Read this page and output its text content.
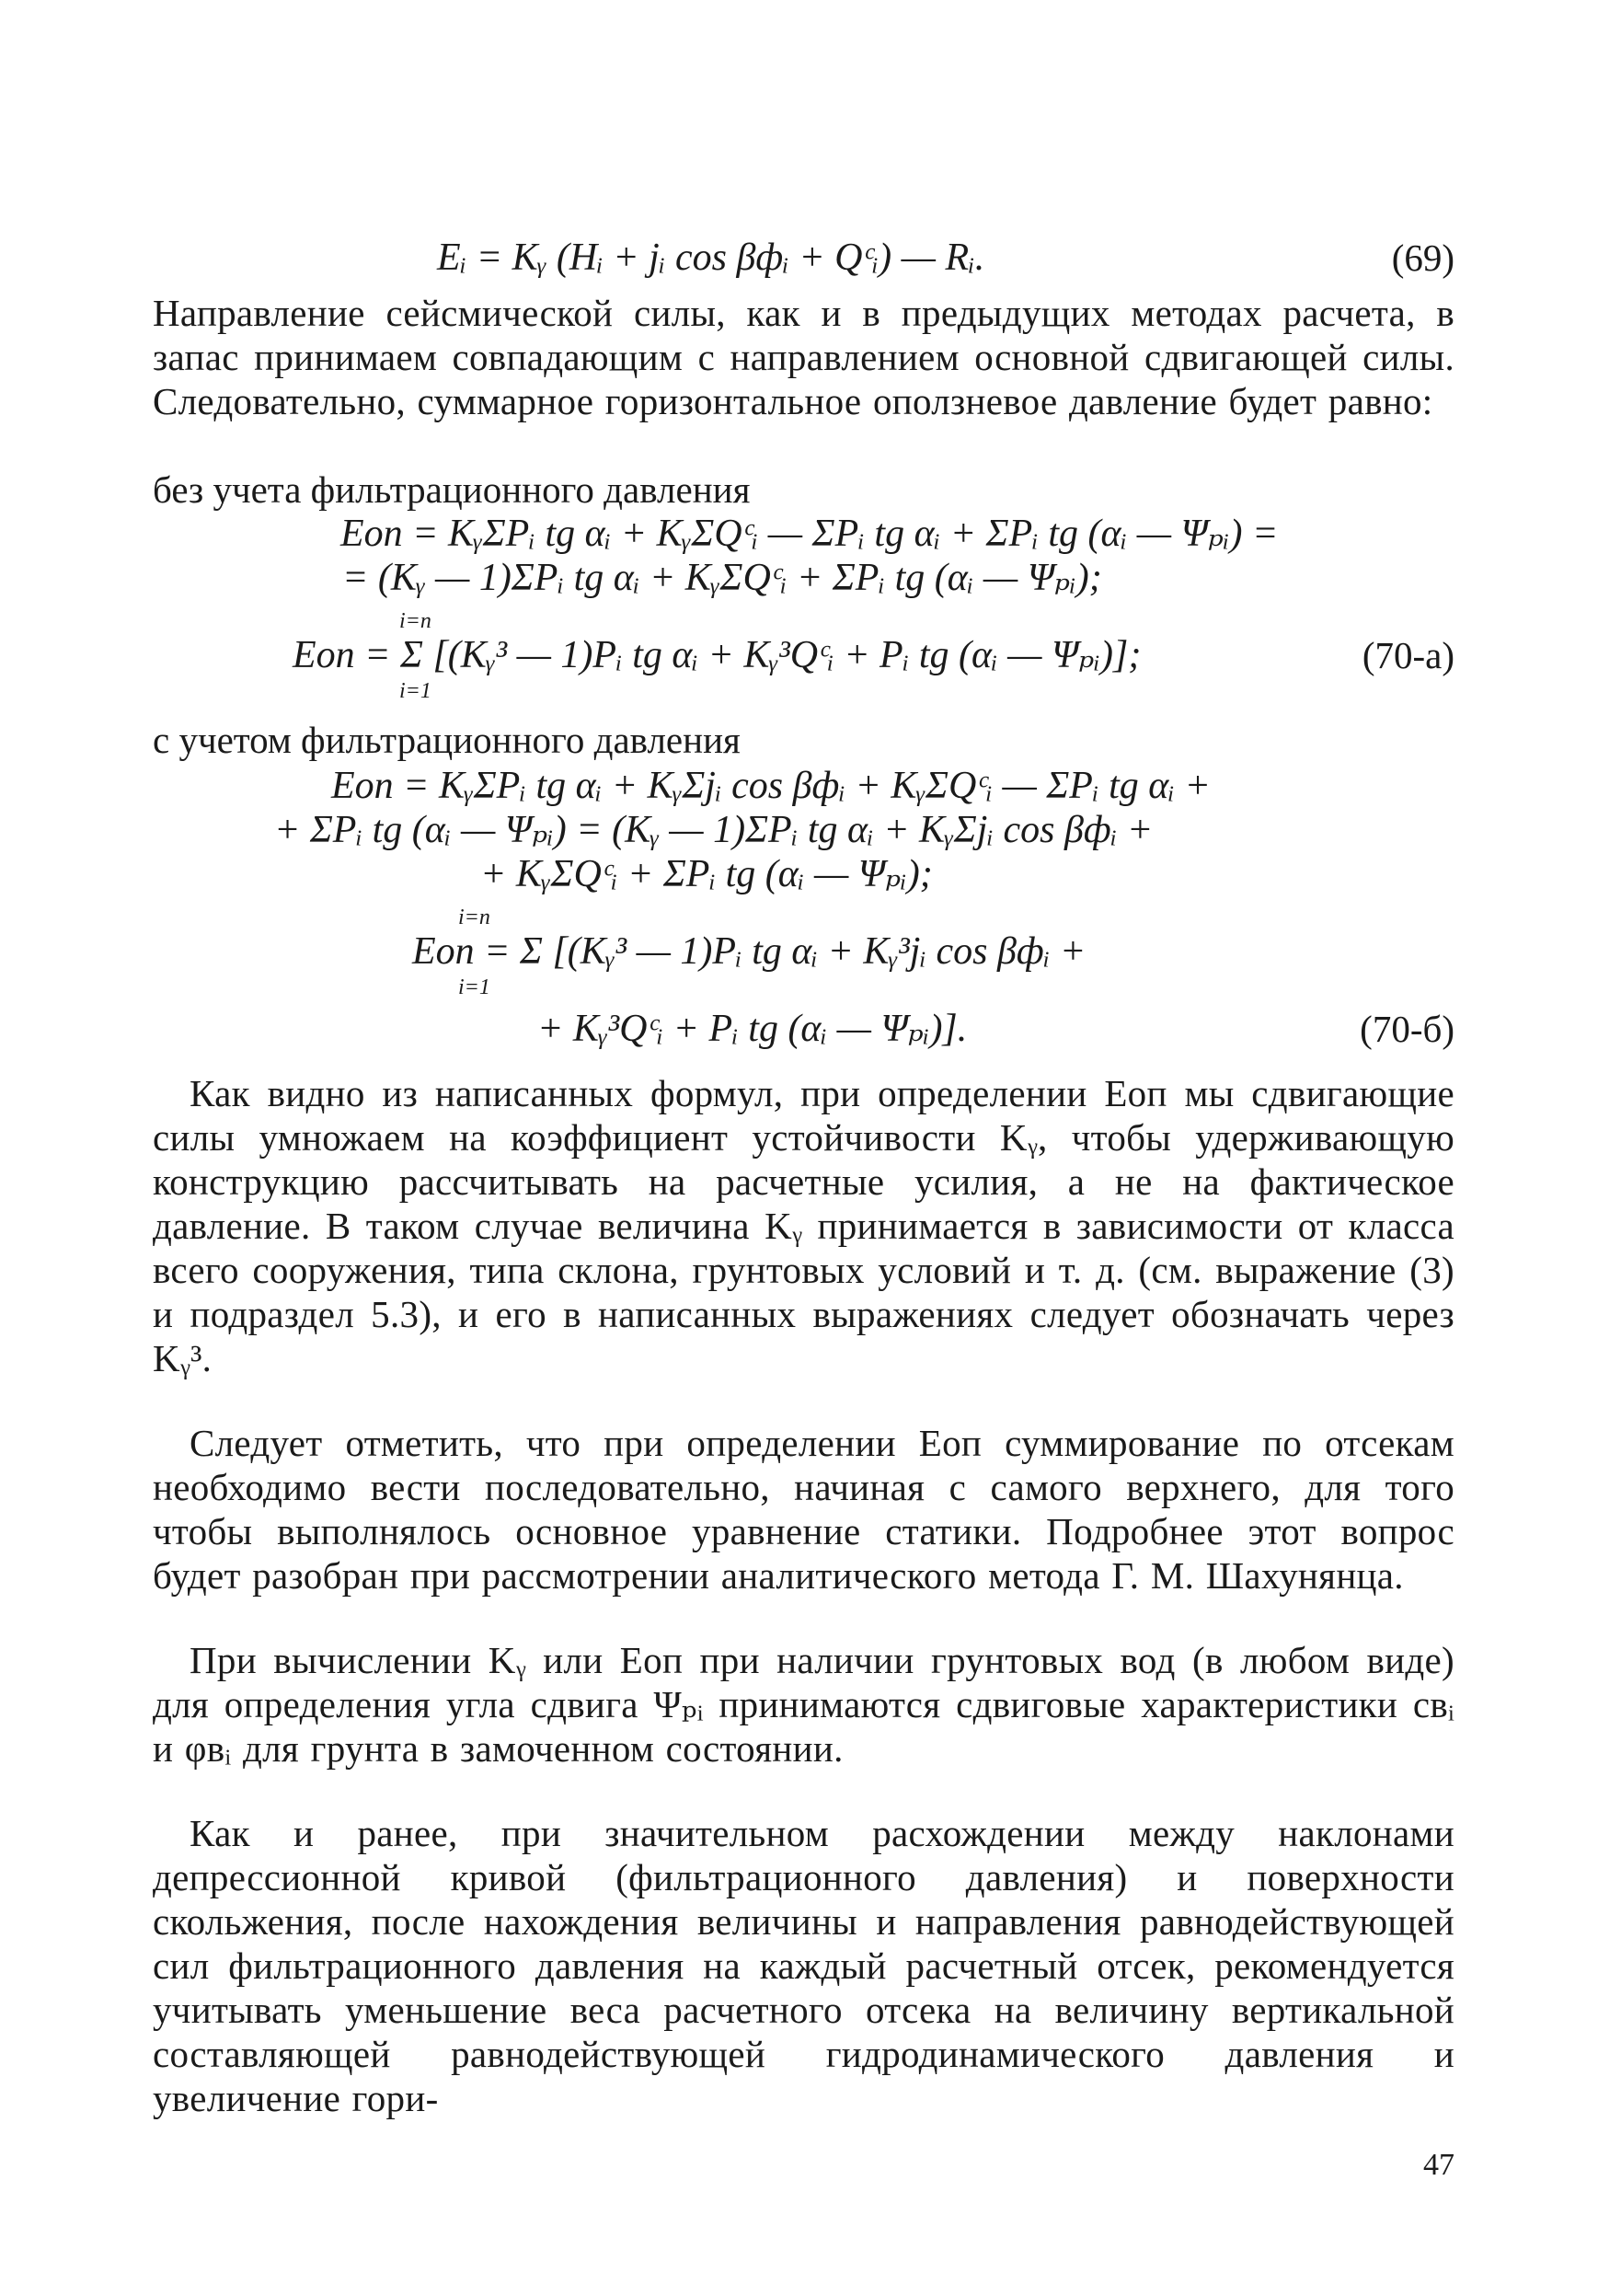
Eᵢ = Kᵧ (Hᵢ + jᵢ cos βфᵢ + Qᶜᵢ) — Rᵢ.	(69)

Направление сейсмической силы, как и в предыдущих методах расчета, в запас принимаем совпадающим с направлением основной сдвигающей силы. Следовательно, суммарное горизонтальное оползневое давление будет равно:

без учета фильтрационного давления

Eоп = KᵧΣPᵢ tg αᵢ + KᵧΣQᶜᵢ — ΣPᵢ tg αᵢ + ΣPᵢ tg (αᵢ — Ψₚᵢ) =

= (Kᵧ — 1)ΣPᵢ tg αᵢ + KᵧΣQᶜᵢ + ΣPᵢ tg (αᵢ — Ψₚᵢ);

i=n

Eоп = Σ [(Kᵧ³ — 1)Pᵢ tg αᵢ + Kᵧ³Qᶜᵢ + Pᵢ tg (αᵢ — Ψₚᵢ)];

i=1
(70-а)

с учетом фильтрационного давления

Eоп = KᵧΣPᵢ tg αᵢ + KᵧΣjᵢ cos βфᵢ + KᵧΣQᶜᵢ — ΣPᵢ tg αᵢ +

+ ΣPᵢ tg (αᵢ — Ψₚᵢ) = (Kᵧ — 1)ΣPᵢ tg αᵢ + KᵧΣjᵢ cos βфᵢ +

+ KᵧΣQᶜᵢ + ΣPᵢ tg (αᵢ — Ψₚᵢ);

i=n

Eоп = Σ [(Kᵧ³ — 1)Pᵢ tg αᵢ + Kᵧ³jᵢ cos βфᵢ +

i=1

+ Kᵧ³Qᶜᵢ + Pᵢ tg (αᵢ — Ψₚᵢ)].	(70-б)

Как видно из написанных формул, при определении Eоп мы сдвигающие силы умножаем на коэффициент устойчивости Kᵧ, чтобы удерживающую конструкцию рассчитывать на расчетные усилия, а не на фактическое давление. В таком случае величина Kᵧ принимается в зависимости от класса всего сооружения, типа склона, грунтовых условий и т. д. (см. выражение (3) и подраздел 5.3), и его в написанных выражениях следует обозначать через Kᵧ³.

Следует отметить, что при определении Eоп суммирование по отсекам необходимо вести последовательно, начиная с самого верхнего, для того чтобы выполнялось основное уравнение статики. Подробнее этот вопрос будет разобран при рассмотрении аналитического метода Г. М. Шахунянца.

При вычислении Kᵧ или Eоп при наличии грунтовых вод (в любом виде) для определения угла сдвига Ψₚᵢ принимаются сдвиговые характеристики cвᵢ и φвᵢ для грунта в замоченном состоянии.

Как и ранее, при значительном расхождении между наклонами депрессионной кривой (фильтрационного давления) и поверхности скольжения, после нахождения величины и направления равнодействующей сил фильтрационного давления на каждый расчетный отсек, рекомендуется учитывать уменьшение веса расчетного отсека на величину вертикальной составляющей равнодействующей гидродинамического давления и увеличение гори-

47
